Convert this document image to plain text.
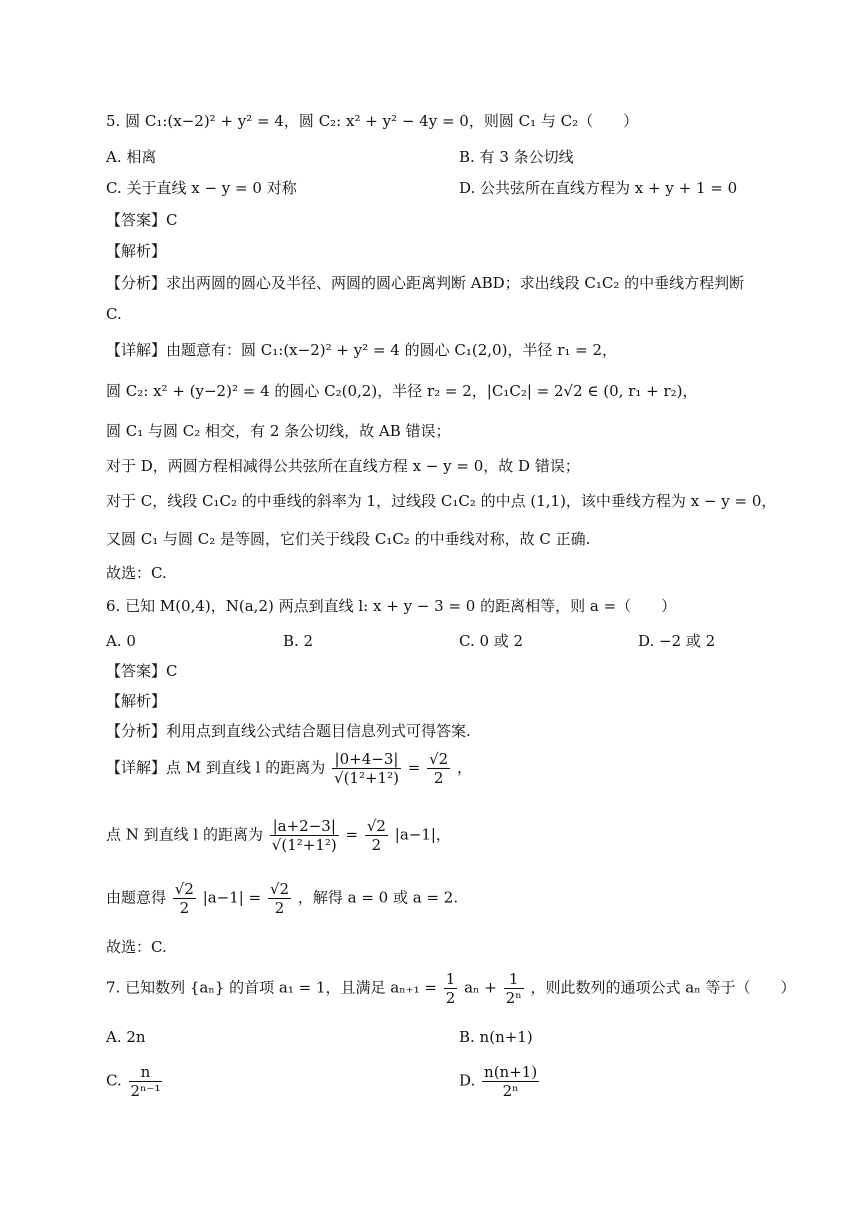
5. 圆 C₁:(x−2)² + y² = 4，圆 C₂: x² + y² − 4y = 0，则圆 C₁ 与 C₂（　　）
A. 相离	B. 有 3 条公切线
C. 关于直线 x − y = 0 对称	D. 公共弦所在直线方程为 x + y + 1 = 0
【答案】C
【解析】
【分析】求出两圆的圆心及半径、两圆的圆心距离判断 ABD；求出线段 C₁C₂ 的中垂线方程判断
C.
【详解】由题意有：圆 C₁:(x−2)² + y² = 4 的圆心 C₁(2,0)，半径 r₁ = 2，
圆 C₂: x² + (y−2)² = 4 的圆心 C₂(0,2)，半径 r₂ = 2，|C₁C₂| = 2√2 ∈ (0, r₁ + r₂)，
圆 C₁ 与圆 C₂ 相交，有 2 条公切线，故 AB 错误；
对于 D，两圆方程相减得公共弦所在直线方程 x − y = 0，故 D 错误；
对于 C，线段 C₁C₂ 的中垂线的斜率为 1，过线段 C₁C₂ 的中点 (1,1)，该中垂线方程为 x − y = 0，
又圆 C₁ 与圆 C₂ 是等圆，它们关于线段 C₁C₂ 的中垂线对称，故 C 正确.
故选：C.
6. 已知 M(0,4)，N(a,2) 两点到直线 l: x + y − 3 = 0 的距离相等，则 a =（　　）
A. 0	B. 2	C. 0 或 2	D. −2 或 2
【答案】C
【解析】
【分析】利用点到直线公式结合题目信息列式可得答案.
【详解】点 M 到直线 l 的距离为 $\frac{|0+4-3|}{\text{√(1²+1²)}} = \frac{√2}{2}$ ，
点 N 到直线 l 的距离为 $\frac{|a+2-3|}{\text{√(1²+1²)}} = \frac{√2}{2} |a-1|$，
由题意得 $\frac{√2}{2} |a-1| = \frac{√2}{2}$ ，解得 a = 0 或 a = 2.
故选：C.
7. 已知数列 {aₙ} 的首项 a₁ = 1，且满足 $a_{n+1} = \frac{1}{2}$ $a_n + \frac{1}{\text{2ⁿ}}$ ，则此数列的通项公式 aₙ 等于（　　）
A. 2n	B. n(n+1)
C. $\frac{n}{\text{2ⁿ⁻¹}}$	D. $\frac{n(n+1)}{\text{2ⁿ}}$
